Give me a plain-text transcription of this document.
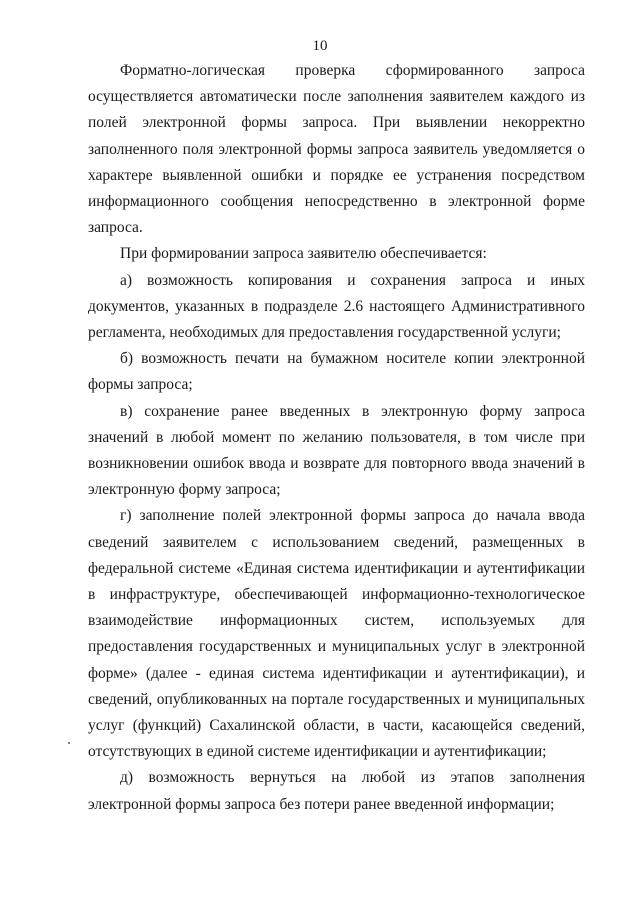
10

Форматно-логическая проверка сформированного запроса осуществляется автоматически после заполнения заявителем каждого из полей электронной формы запроса. При выявлении некорректно заполненного поля электронной формы запроса заявитель уведомляется о характере выявленной ошибки и порядке ее устранения посредством информационного сообщения непосредственно в электронной форме запроса.

При формировании запроса заявителю обеспечивается:

а) возможность копирования и сохранения запроса и иных документов, указанных в подразделе 2.6 настоящего Административного регламента, необходимых для предоставления государственной услуги;

б) возможность печати на бумажном носителе копии электронной формы запроса;

в) сохранение ранее введенных в электронную форму запроса значений в любой момент по желанию пользователя, в том числе при возникновении ошибок ввода и возврате для повторного ввода значений в электронную форму запроса;

г) заполнение полей электронной формы запроса до начала ввода сведений заявителем с использованием сведений, размещенных в федеральной системе «Единая система идентификации и аутентификации в инфраструктуре, обеспечивающей информационно-технологическое взаимодействие информационных систем, используемых для предоставления государственных и муниципальных услуг в электронной форме» (далее - единая система идентификации и аутентификации), и сведений, опубликованных на портале государственных и муниципальных услуг (функций) Сахалинской области, в части, касающейся сведений, отсутствующих в единой системе идентификации и аутентификации;

д) возможность вернуться на любой из этапов заполнения электронной формы запроса без потери ранее введенной информации;
